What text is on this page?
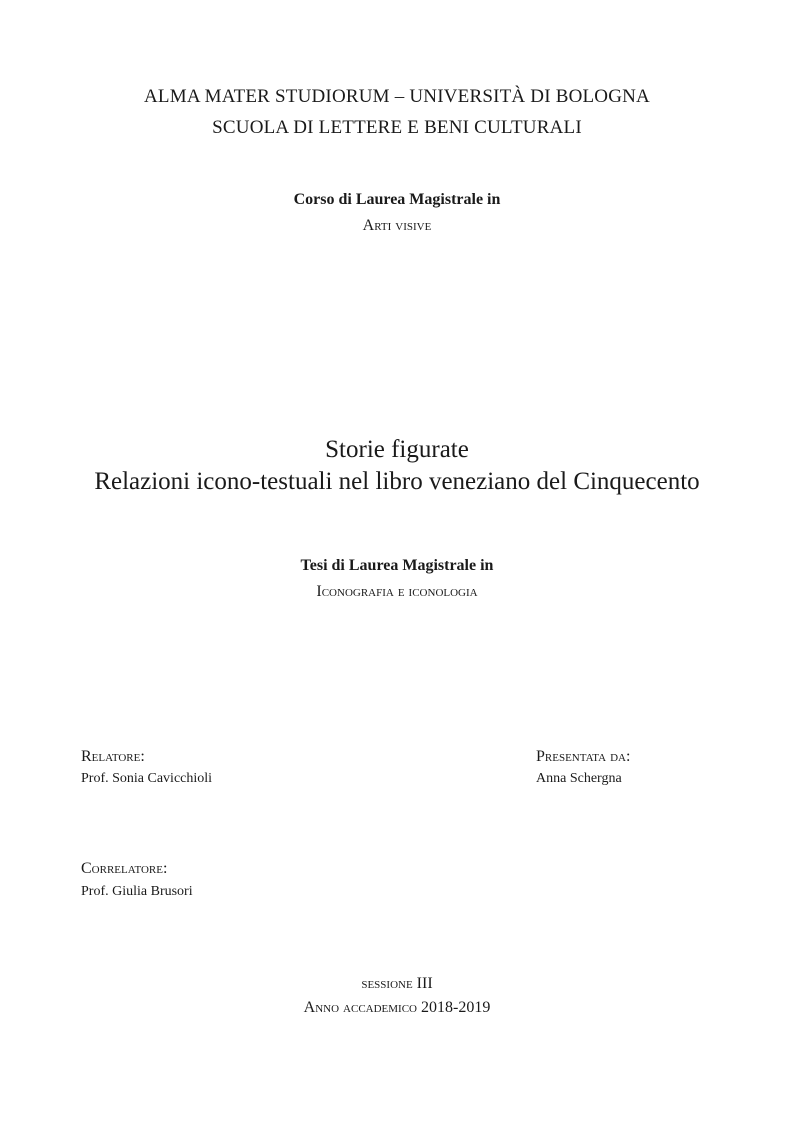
ALMA MATER STUDIORUM – UNIVERSITÀ DI BOLOGNA

SCUOLA DI LETTERE E BENI CULTURALI

Corso di Laurea Magistrale in

Arti visive

Storie figurate

Relazioni icono-testuali nel libro veneziano del Cinquecento

Tesi di Laurea Magistrale in

Iconografia e iconologia

Relatore:

Prof. Sonia Cavicchioli

Presentata da:

Anna Schergna

Correlatore:

Prof. Giulia Brusori

sessione III

Anno accademico 2018-2019
